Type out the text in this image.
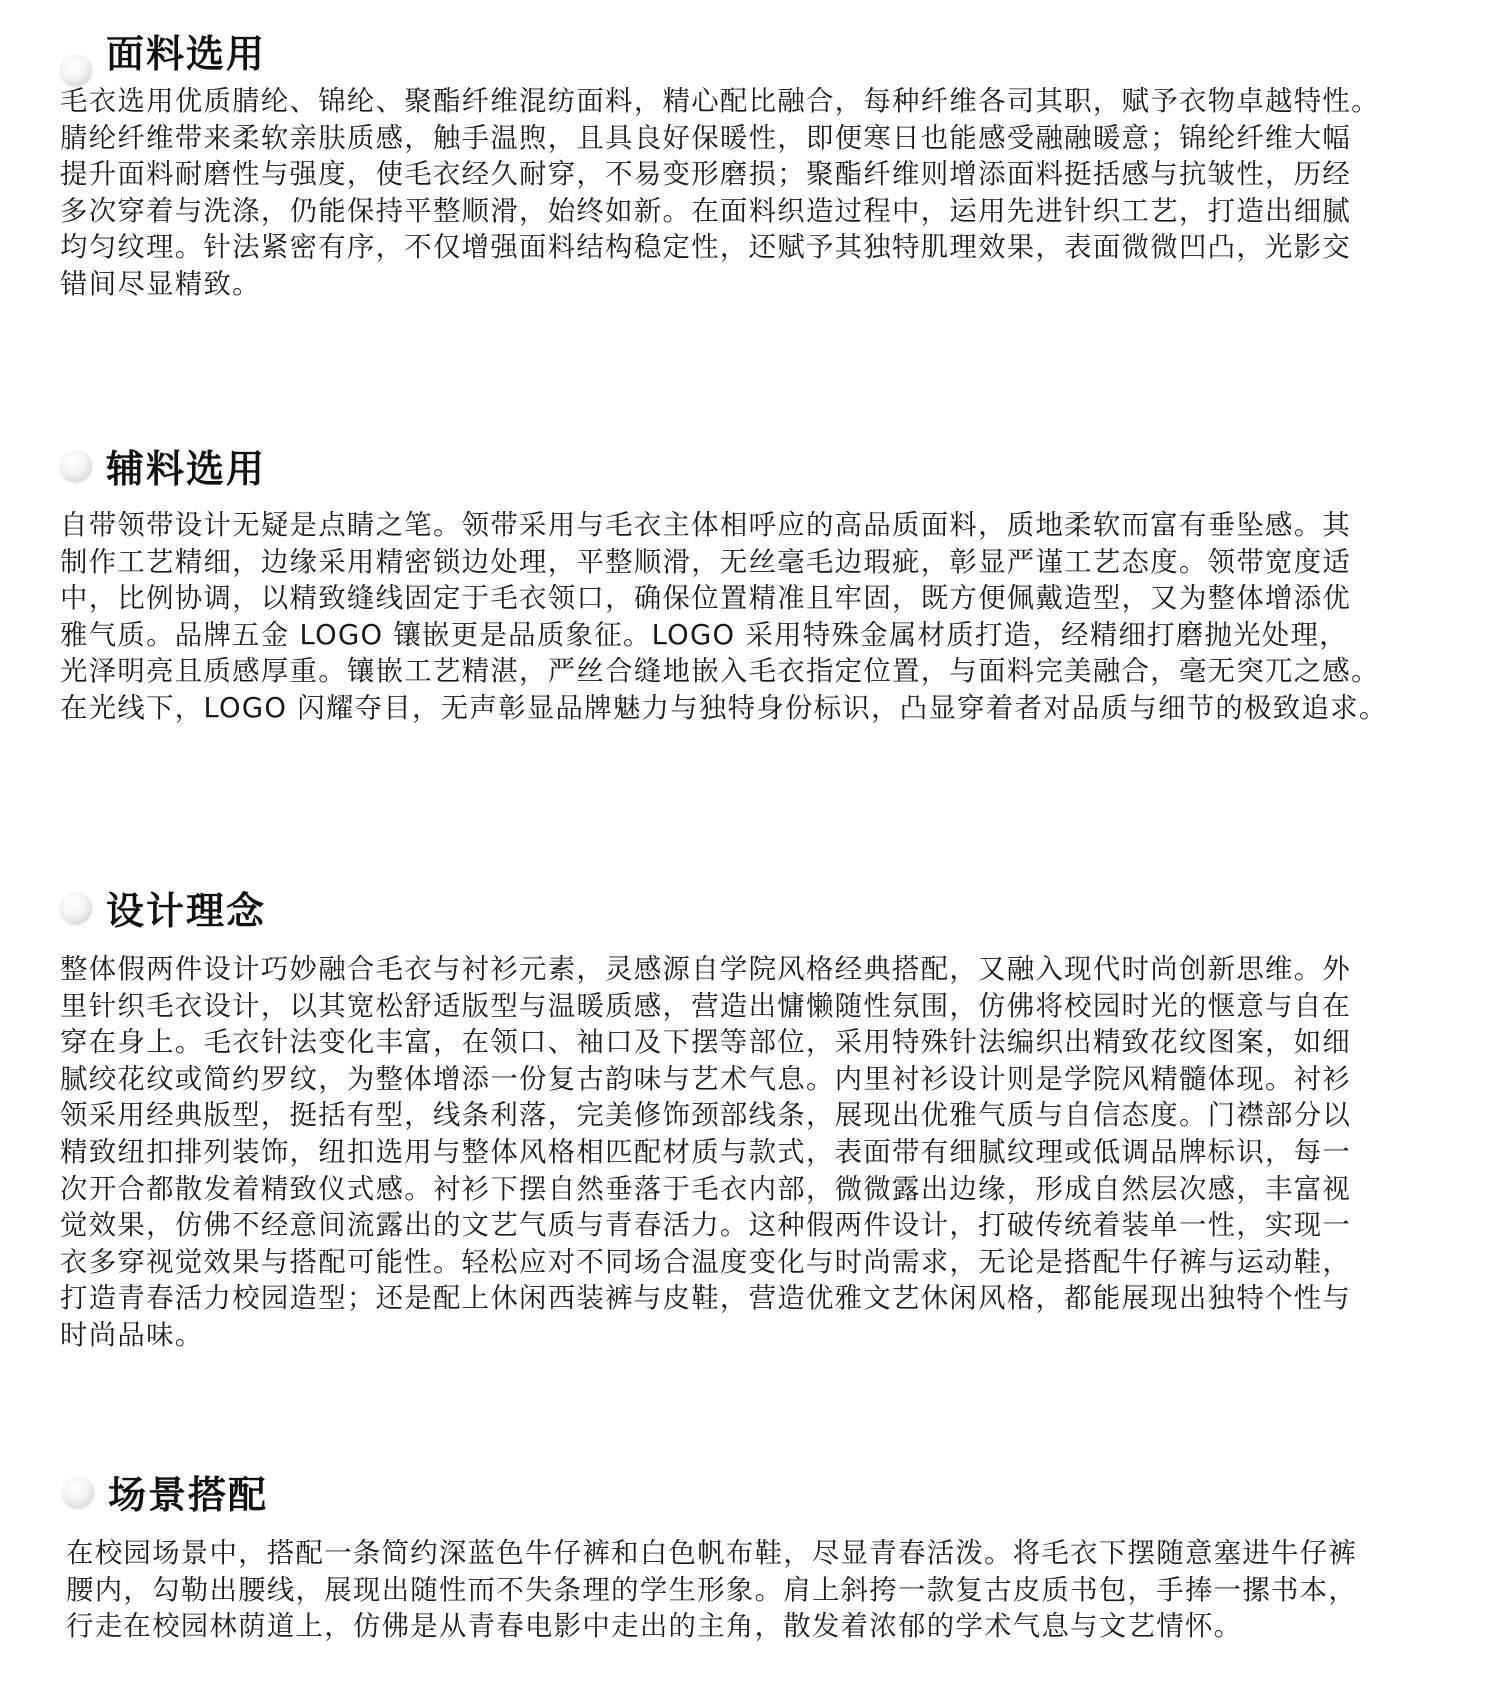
面料选用

毛衣选用优质腈纶、锦纶、聚酯纤维混纺面料，精心配比融合，每种纤维各司其职，赋予衣物卓越特性。
腈纶纤维带来柔软亲肤质感，触手温煦，且具良好保暖性，即便寒日也能感受融融暖意；锦纶纤维大幅
提升面料耐磨性与强度，使毛衣经久耐穿，不易变形磨损；聚酯纤维则增添面料挺括感与抗皱性，历经
多次穿着与洗涤，仍能保持平整顺滑，始终如新。在面料织造过程中，运用先进针织工艺，打造出细腻
均匀纹理。针法紧密有序，不仅增强面料结构稳定性，还赋予其独特肌理效果，表面微微凹凸，光影交
错间尽显精致。

辅料选用

自带领带设计无疑是点睛之笔。领带采用与毛衣主体相呼应的高品质面料，质地柔软而富有垂坠感。其
制作工艺精细，边缘采用精密锁边处理，平整顺滑，无丝毫毛边瑕疵，彰显严谨工艺态度。领带宽度适
中，比例协调，以精致缝线固定于毛衣领口，确保位置精准且牢固，既方便佩戴造型，又为整体增添优
雅气质。品牌五金 LOGO 镶嵌更是品质象征。LOGO 采用特殊金属材质打造，经精细打磨抛光处理，
光泽明亮且质感厚重。镶嵌工艺精湛，严丝合缝地嵌入毛衣指定位置，与面料完美融合，毫无突兀之感。
在光线下，LOGO 闪耀夺目，无声彰显品牌魅力与独特身份标识，凸显穿着者对品质与细节的极致追求。

设计理念

整体假两件设计巧妙融合毛衣与衬衫元素，灵感源自学院风格经典搭配，又融入现代时尚创新思维。外
里针织毛衣设计，以其宽松舒适版型与温暖质感，营造出慵懒随性氛围，仿佛将校园时光的惬意与自在
穿在身上。毛衣针法变化丰富，在领口、袖口及下摆等部位，采用特殊针法编织出精致花纹图案，如细
腻绞花纹或简约罗纹，为整体增添一份复古韵味与艺术气息。内里衬衫设计则是学院风精髓体现。衬衫
领采用经典版型，挺括有型，线条利落，完美修饰颈部线条，展现出优雅气质与自信态度。门襟部分以
精致纽扣排列装饰，纽扣选用与整体风格相匹配材质与款式，表面带有细腻纹理或低调品牌标识，每一
次开合都散发着精致仪式感。衬衫下摆自然垂落于毛衣内部，微微露出边缘，形成自然层次感，丰富视
觉效果，仿佛不经意间流露出的文艺气质与青春活力。这种假两件设计，打破传统着装单一性，实现一
衣多穿视觉效果与搭配可能性。轻松应对不同场合温度变化与时尚需求，无论是搭配牛仔裤与运动鞋，
打造青春活力校园造型；还是配上休闲西装裤与皮鞋，营造优雅文艺休闲风格，都能展现出独特个性与
时尚品味。

场景搭配

在校园场景中，搭配一条简约深蓝色牛仔裤和白色帆布鞋，尽显青春活泼。将毛衣下摆随意塞进牛仔裤
腰内，勾勒出腰线，展现出随性而不失条理的学生形象。肩上斜挎一款复古皮质书包，手捧一摞书本，
行走在校园林荫道上，仿佛是从青春电影中走出的主角，散发着浓郁的学术气息与文艺情怀。
